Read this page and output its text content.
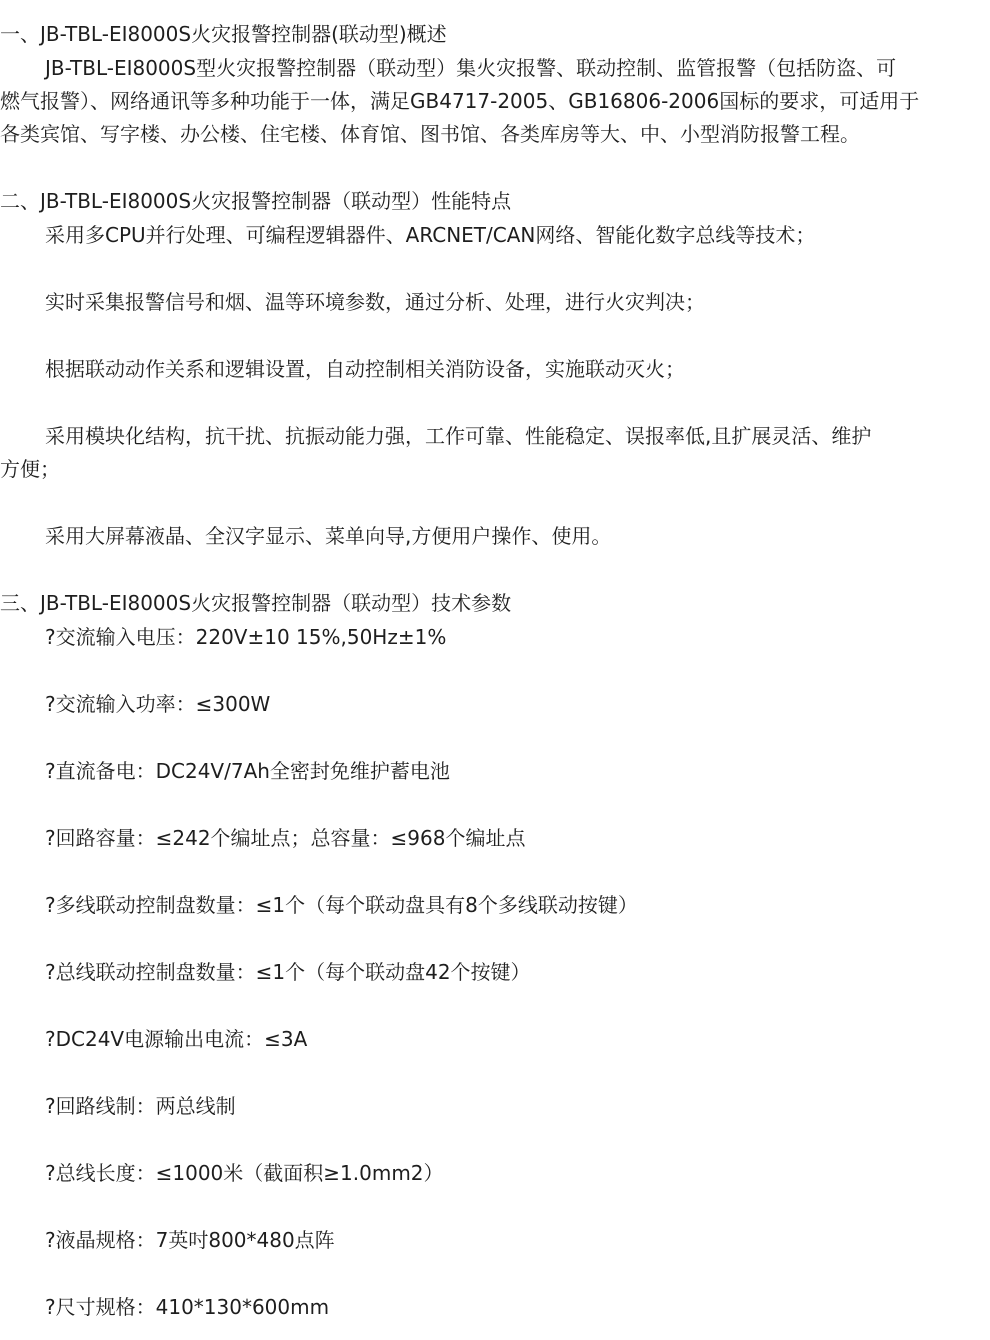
一、JB-TBL-EI8000S火灾报警控制器(联动型)概述
JB-TBL-EI8000S型火灾报警控制器（联动型）集火灾报警、联动控制、监管报警（包括防盗、可
燃气报警）、网络通讯等多种功能于一体，满足GB4717-2005、GB16806-2006国标的要求，可适用于
各类宾馆、写字楼、办公楼、住宅楼、体育馆、图书馆、各类库房等大、中、小型消防报警工程。
二、JB-TBL-EI8000S火灾报警控制器（联动型）性能特点
采用多CPU并行处理、可编程逻辑器件、ARCNET/CAN网络、智能化数字总线等技术；
实时采集报警信号和烟、温等环境参数，通过分析、处理，进行火灾判决；
根据联动动作关系和逻辑设置，自动控制相关消防设备，实施联动灭火；
采用模块化结构，抗干扰、抗振动能力强，工作可靠、性能稳定、误报率低,且扩展灵活、维护
方便；
采用大屏幕液晶、全汉字显示、菜单向导,方便用户操作、使用。
三、JB-TBL-EI8000S火灾报警控制器（联动型）技术参数
?交流输入电压：220V±10 15%,50Hz±1%
?交流输入功率：≤300W
?直流备电：DC24V/7Ah全密封免维护蓄电池
?回路容量：≤242个编址点；总容量：≤968个编址点
?多线联动控制盘数量：≤1个（每个联动盘具有8个多线联动按键）
?总线联动控制盘数量：≤1个（每个联动盘42个按键）
?DC24V电源输出电流：≤3A
?回路线制：两总线制
?总线长度：≤1000米（截面积≥1.0mm2）
?液晶规格：7英吋800*480点阵
?尺寸规格：410*130*600mm
